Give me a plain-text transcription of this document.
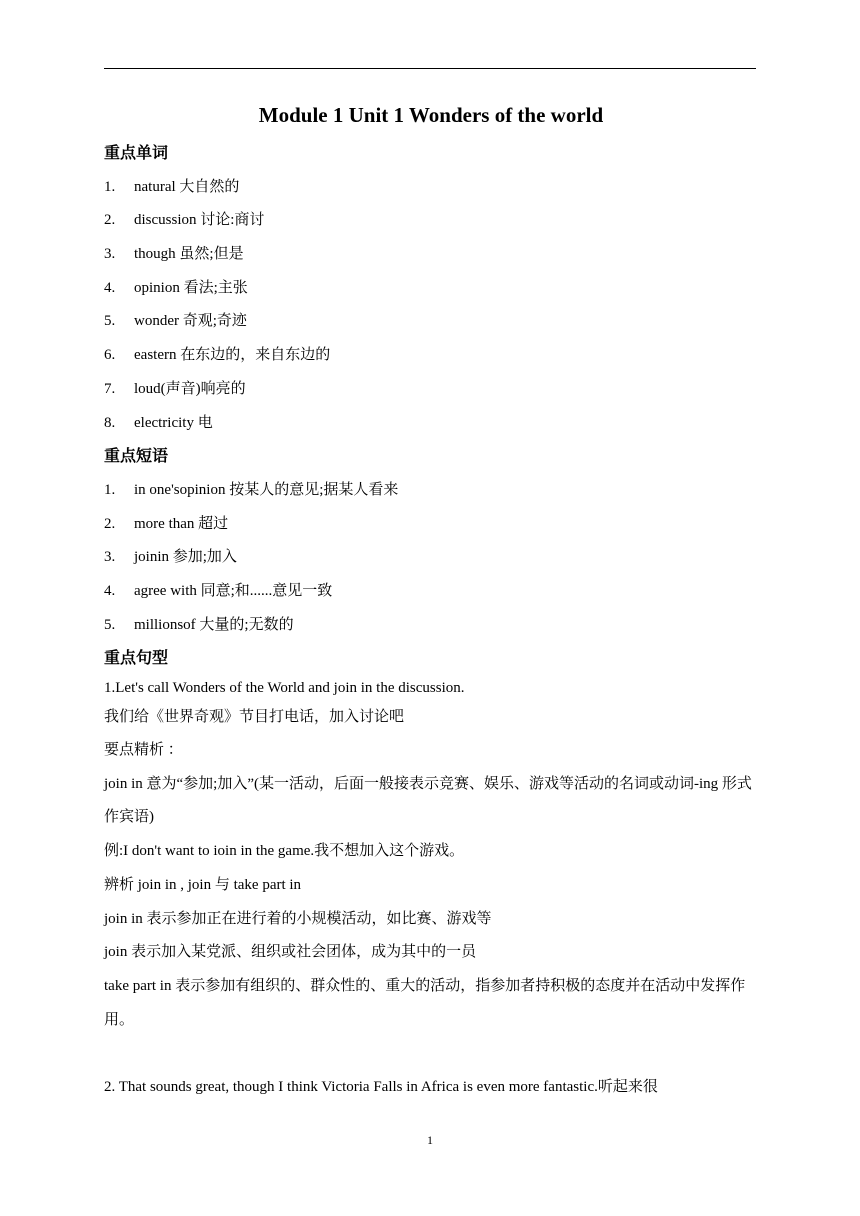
Module 1 Unit 1 Wonders of the world
重点单词
1. natural 大自然的
2. discussion 讨论:商讨
3. though 虽然;但是
4. opinion 看法;主张
5. wonder 奇观;奇迹
6. eastern 在东边的，来自东边的
7. loud(声音)响亮的
8. electricity 电
重点短语
1. in one'sopinion 按某人的意见;据某人看来
2. more than 超过
3. joinin 参加;加入
4. agree with 同意;和......意见一致
5. millionsof 大量的;无数的
重点句型

1.Let's call Wonders of the World and join in the discussion.

我们给《世界奇观》节目打电话，加入讨论吧

要点精析 ：

join in 意为“参加;加入”(某一活动，后面一般接表示竞赛、娱乐、游戏等活动的名词或动词-ing 形式作宾语)

例:I don't want to ioin in the game.我不想加入这个游戏。

辨析 join in , join 与 take part in

join in 表示参加正在进行着的小规模活动，如比赛、游戏等

join 表示加入某党派、组织或社会团体，成为其中的一员

take part in 表示参加有组织的、群众性的、重大的活动，指参加者持积极的态度并在活动中发挥作用。

2. That sounds great, though I think Victoria Falls in Africa is even more fantastic.听起来很

1
